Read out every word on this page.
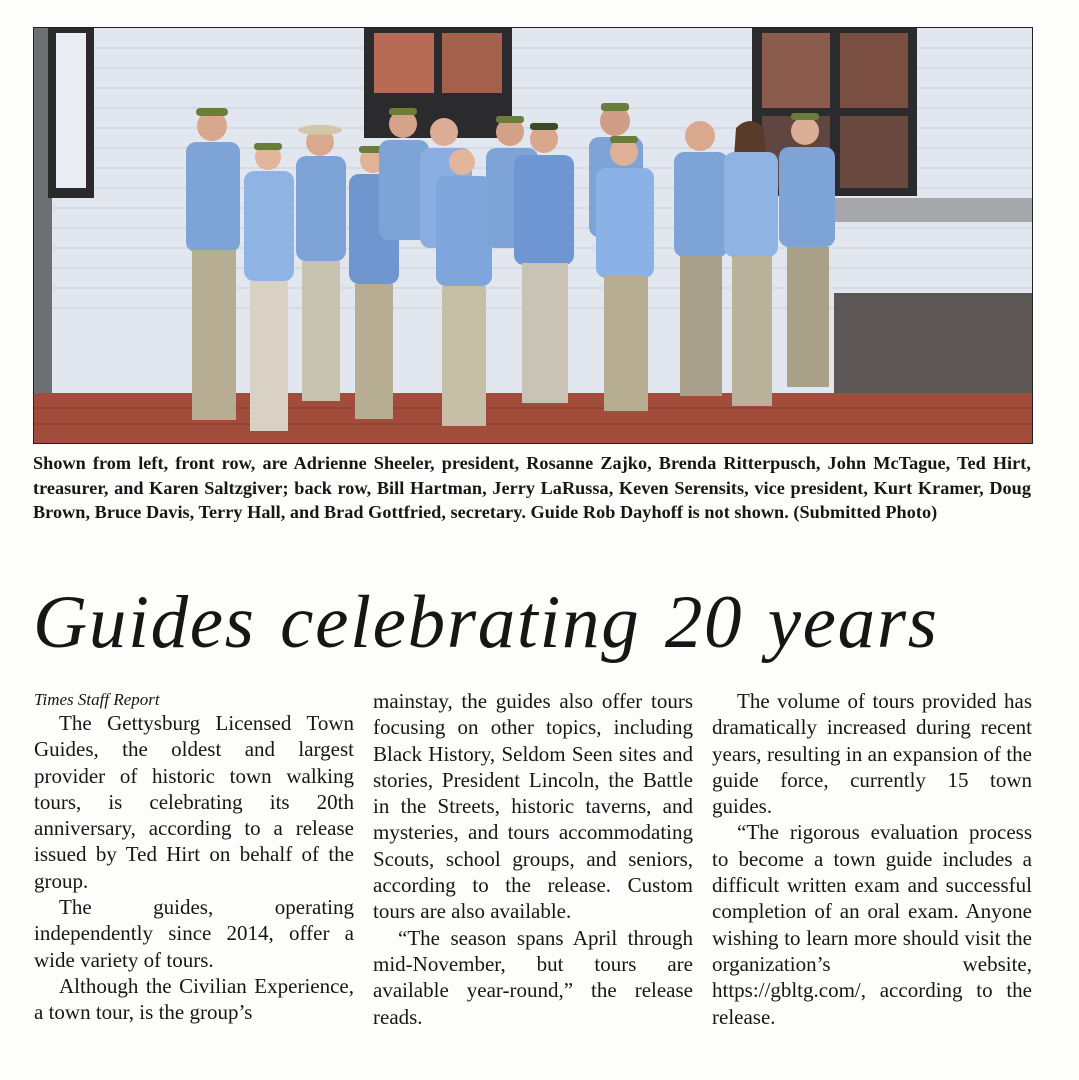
Shown from left, front row, are Adrienne Sheeler, president, Rosanne Zajko, Brenda Ritterpusch, John McTague, Ted Hirt, treasurer, and Karen Saltzgiver; back row, Bill Hartman, Jerry LaRussa, Keven Serensits, vice president, Kurt Kramer, Doug Brown, Bruce Davis, Terry Hall, and Brad Gottfried, secretary. Guide Rob Dayhoff is not shown. (Submitted Photo)
Guides celebrating 20 years

Times Staff Report

The Gettysburg Licensed Town Guides, the oldest and largest provider of historic town walking tours, is celebrating its 20th anniversary, according to a release issued by Ted Hirt on behalf of the group.

The guides, operating independently since 2014, offer a wide variety of tours.

Although the Civilian Experience, a town tour, is the group’s

mainstay, the guides also offer tours focusing on other topics, including Black History, Seldom Seen sites and stories, President Lincoln, the Battle in the Streets, historic taverns, and mysteries, and tours accommodating Scouts, school groups, and seniors, according to the release. Custom tours are also available.

“The season spans April through mid-November, but tours are available year-round,” the release reads.

The volume of tours provided has dramatically increased during recent years, resulting in an expansion of the guide force, currently 15 town guides.

“The rigorous evaluation process to become a town guide includes a difficult written exam and successful completion of an oral exam. Anyone wishing to learn more should visit the organization’s website, https://gbltg.com/, according to the release.
